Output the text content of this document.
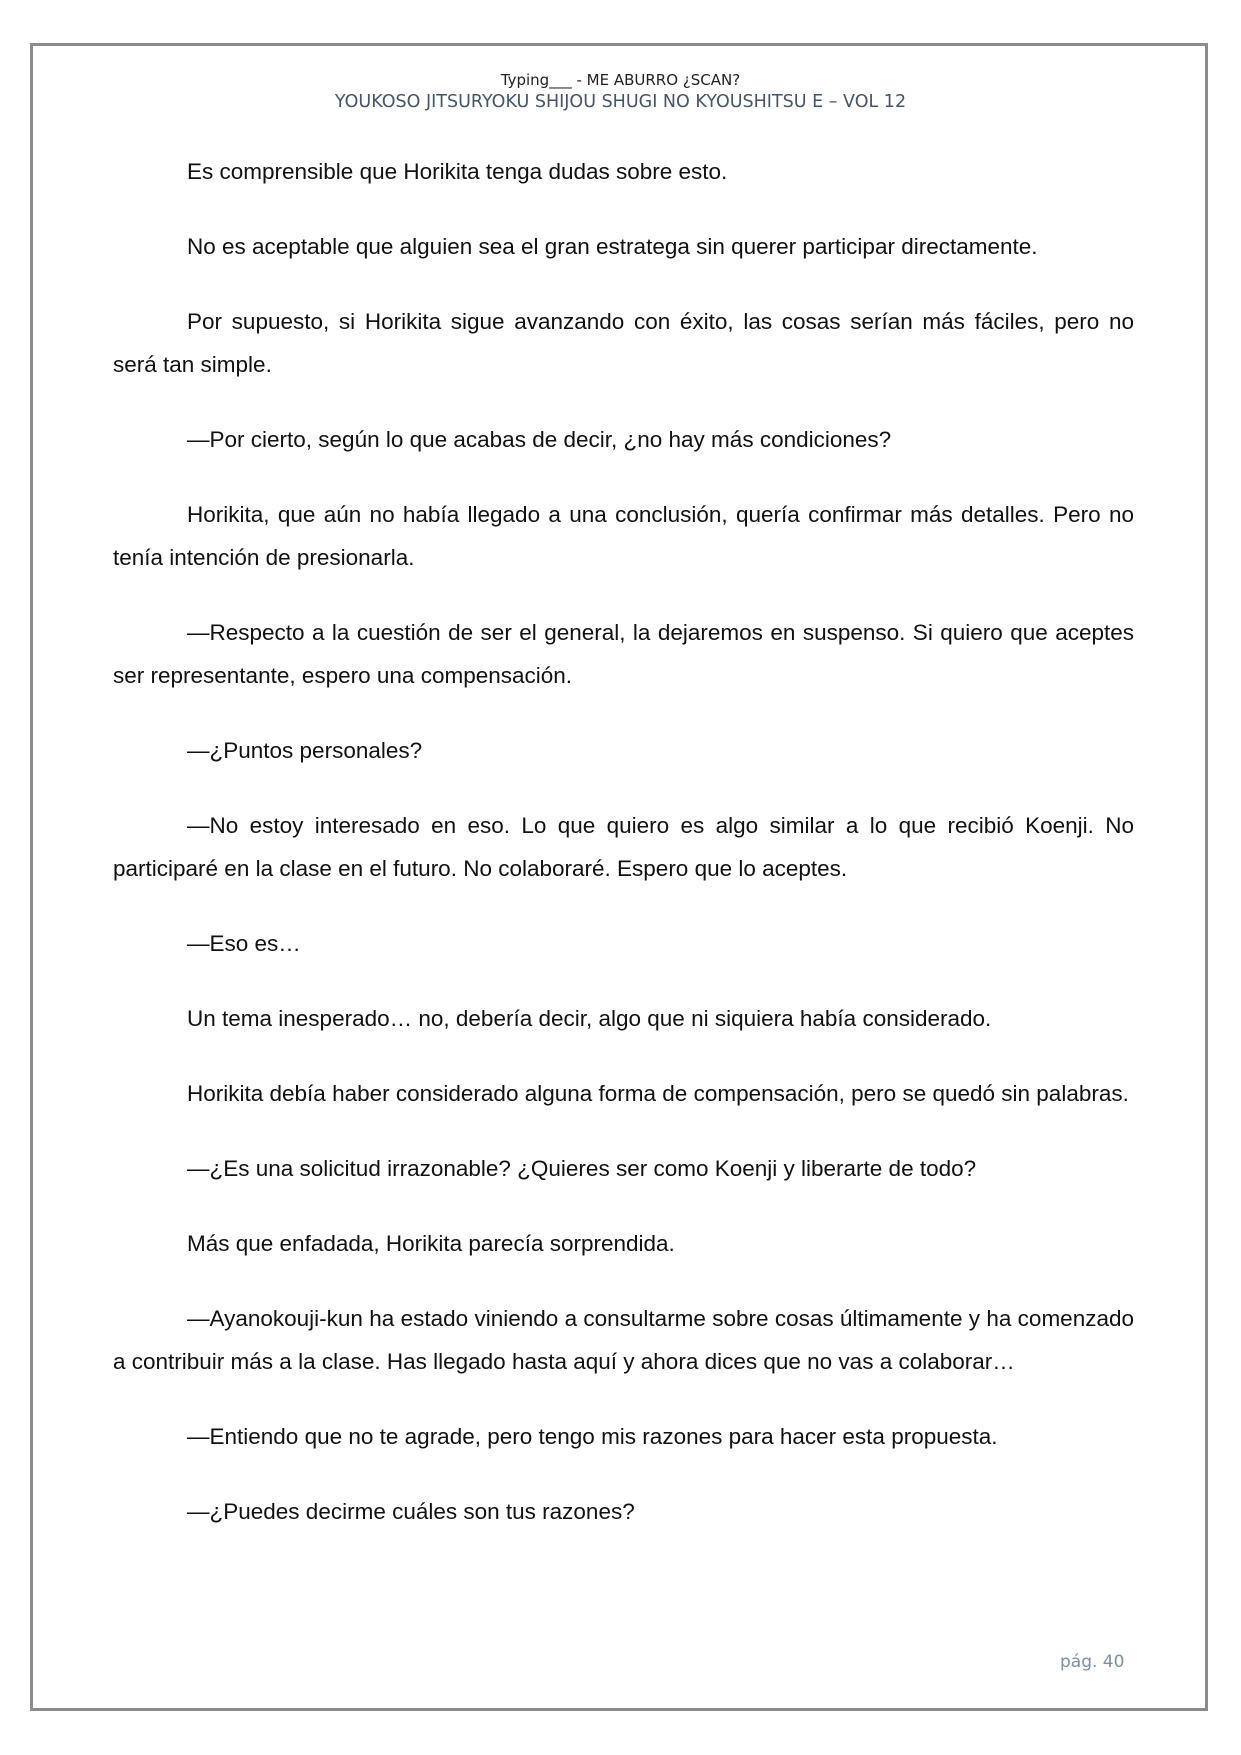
Typing___ - ME ABURRO ¿SCAN?
YOUKOSO JITSURYOKU SHIJOU SHUGI NO KYOUSHITSU E – VOL 12

Es comprensible que Horikita tenga dudas sobre esto.

No es aceptable que alguien sea el gran estratega sin querer participar directamente.

Por supuesto, si Horikita sigue avanzando con éxito, las cosas serían más fáciles, pero no será tan simple.

—Por cierto, según lo que acabas de decir, ¿no hay más condiciones?

Horikita, que aún no había llegado a una conclusión, quería confirmar más detalles. Pero no tenía intención de presionarla.

—Respecto a la cuestión de ser el general, la dejaremos en suspenso. Si quiero que aceptes ser representante, espero una compensación.

—¿Puntos personales?

—No estoy interesado en eso. Lo que quiero es algo similar a lo que recibió Koenji. No participaré en la clase en el futuro. No colaboraré. Espero que lo aceptes.

—Eso es…

Un tema inesperado… no, debería decir, algo que ni siquiera había considerado.

Horikita debía haber considerado alguna forma de compensación, pero se quedó sin palabras.

—¿Es una solicitud irrazonable? ¿Quieres ser como Koenji y liberarte de todo?

Más que enfadada, Horikita parecía sorprendida.

—Ayanokouji-kun ha estado viniendo a consultarme sobre cosas últimamente y ha comenzado a contribuir más a la clase. Has llegado hasta aquí y ahora dices que no vas a colaborar…

—Entiendo que no te agrade, pero tengo mis razones para hacer esta propuesta.

—¿Puedes decirme cuáles son tus razones?

pág. 40
